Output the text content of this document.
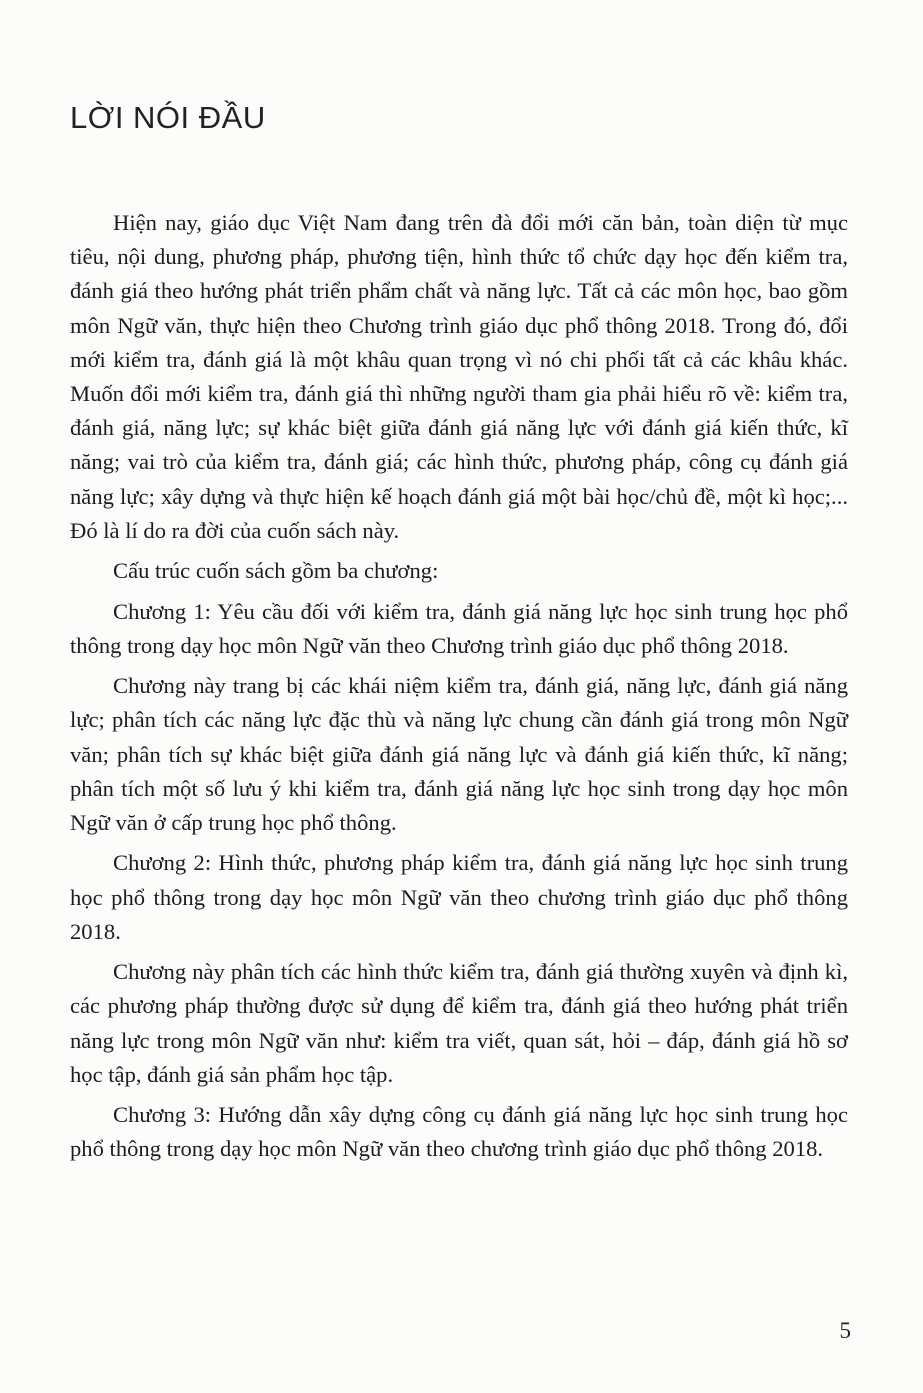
LỜI NÓI ĐẦU

Hiện nay, giáo dục Việt Nam đang trên đà đổi mới căn bản, toàn diện từ mục tiêu, nội dung, phương pháp, phương tiện, hình thức tổ chức dạy học đến kiểm tra, đánh giá theo hướng phát triển phẩm chất và năng lực. Tất cả các môn học, bao gồm môn Ngữ văn, thực hiện theo Chương trình giáo dục phổ thông 2018. Trong đó, đổi mới kiểm tra, đánh giá là một khâu quan trọng vì nó chi phối tất cả các khâu khác. Muốn đổi mới kiểm tra, đánh giá thì những người tham gia phải hiểu rõ về: kiểm tra, đánh giá, năng lực; sự khác biệt giữa đánh giá năng lực với đánh giá kiến thức, kĩ năng; vai trò của kiểm tra, đánh giá; các hình thức, phương pháp, công cụ đánh giá năng lực; xây dựng và thực hiện kế hoạch đánh giá một bài học/chủ đề, một kì học;... Đó là lí do ra đời của cuốn sách này.

Cấu trúc cuốn sách gồm ba chương:

Chương 1: Yêu cầu đối với kiểm tra, đánh giá năng lực học sinh trung học phổ thông trong dạy học môn Ngữ văn theo Chương trình giáo dục phổ thông 2018.

Chương này trang bị các khái niệm kiểm tra, đánh giá, năng lực, đánh giá năng lực; phân tích các năng lực đặc thù và năng lực chung cần đánh giá trong môn Ngữ văn; phân tích sự khác biệt giữa đánh giá năng lực và đánh giá kiến thức, kĩ năng; phân tích một số lưu ý khi kiểm tra, đánh giá năng lực học sinh trong dạy học môn Ngữ văn ở cấp trung học phổ thông.

Chương 2: Hình thức, phương pháp kiểm tra, đánh giá năng lực học sinh trung học phổ thông trong dạy học môn Ngữ văn theo chương trình giáo dục phổ thông 2018.

Chương này phân tích các hình thức kiểm tra, đánh giá thường xuyên và định kì, các phương pháp thường được sử dụng để kiểm tra, đánh giá theo hướng phát triển năng lực trong môn Ngữ văn như: kiểm tra viết, quan sát, hỏi – đáp, đánh giá hồ sơ học tập, đánh giá sản phẩm học tập.

Chương 3: Hướng dẫn xây dựng công cụ đánh giá năng lực học sinh trung học phổ thông trong dạy học môn Ngữ văn theo chương trình giáo dục phổ thông 2018.

5
